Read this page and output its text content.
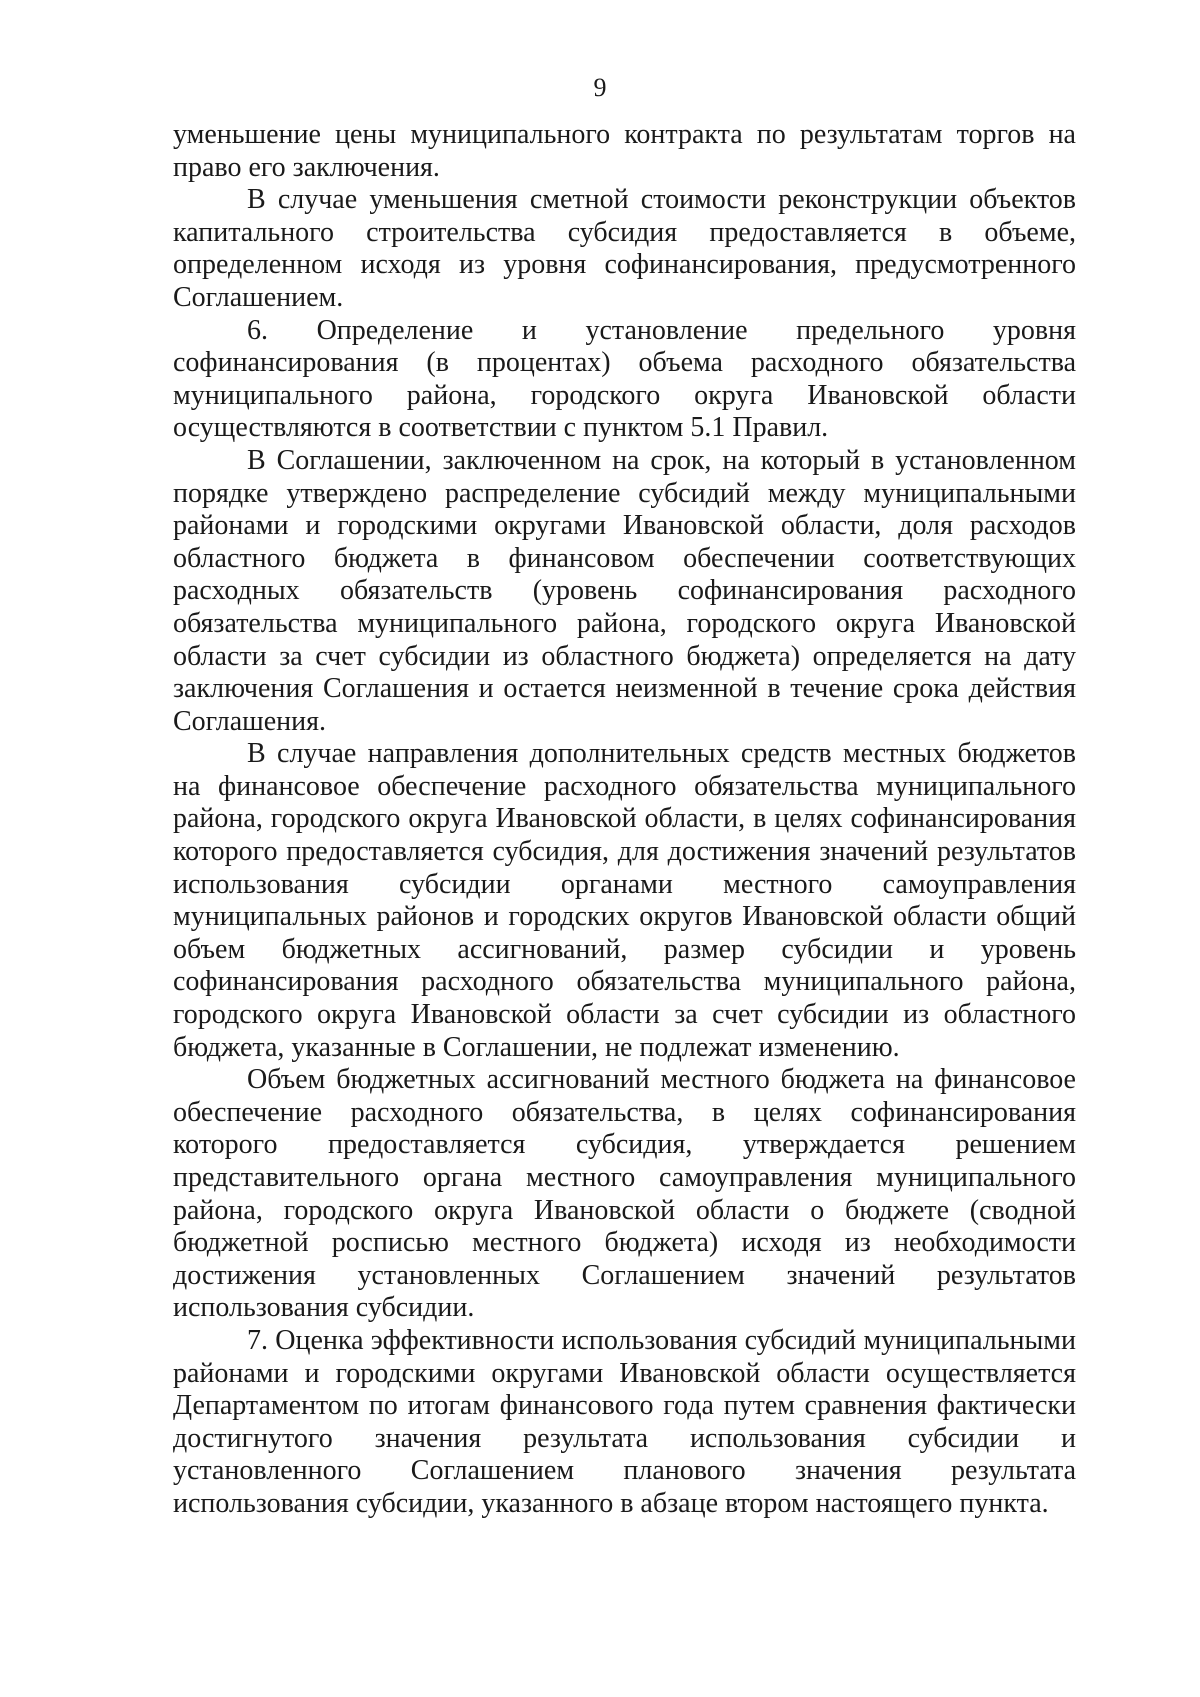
9

уменьшение цены муниципального контракта по результатам торгов на право его заключения.

В случае уменьшения сметной стоимости реконструкции объектов капитального строительства субсидия предоставляется в объеме, определенном исходя из уровня софинансирования, предусмотренного Соглашением.

6. Определение и установление предельного уровня софинансирования (в процентах) объема расходного обязательства муниципального района, городского округа Ивановской области осуществляются в соответствии с пунктом 5.1 Правил.

В Соглашении, заключенном на срок, на который в установленном порядке утверждено распределение субсидий между муниципальными районами и городскими округами Ивановской области, доля расходов областного бюджета в финансовом обеспечении соответствующих расходных обязательств (уровень софинансирования расходного обязательства муниципального района, городского округа Ивановской области за счет субсидии из областного бюджета) определяется на дату заключения Соглашения и остается неизменной в течение срока действия Соглашения.

В случае направления дополнительных средств местных бюджетов на финансовое обеспечение расходного обязательства муниципального района, городского округа Ивановской области, в целях софинансирования которого предоставляется субсидия, для достижения значений результатов использования субсидии органами местного самоуправления муниципальных районов и городских округов Ивановской области общий объем бюджетных ассигнований, размер субсидии и уровень софинансирования расходного обязательства муниципального района, городского округа Ивановской области за счет субсидии из областного бюджета, указанные в Соглашении, не подлежат изменению.

Объем бюджетных ассигнований местного бюджета на финансовое обеспечение расходного обязательства, в целях софинансирования которого предоставляется субсидия, утверждается решением представительного органа местного самоуправления муниципального района, городского округа Ивановской области о бюджете (сводной бюджетной росписью местного бюджета) исходя из необходимости достижения установленных Соглашением значений результатов использования субсидии.

7. Оценка эффективности использования субсидий муниципальными районами и городскими округами Ивановской области осуществляется Департаментом по итогам финансового года путем сравнения фактически достигнутого значения результата использования субсидии и установленного Соглашением планового значения результата использования субсидии, указанного в абзаце втором настоящего пункта.
